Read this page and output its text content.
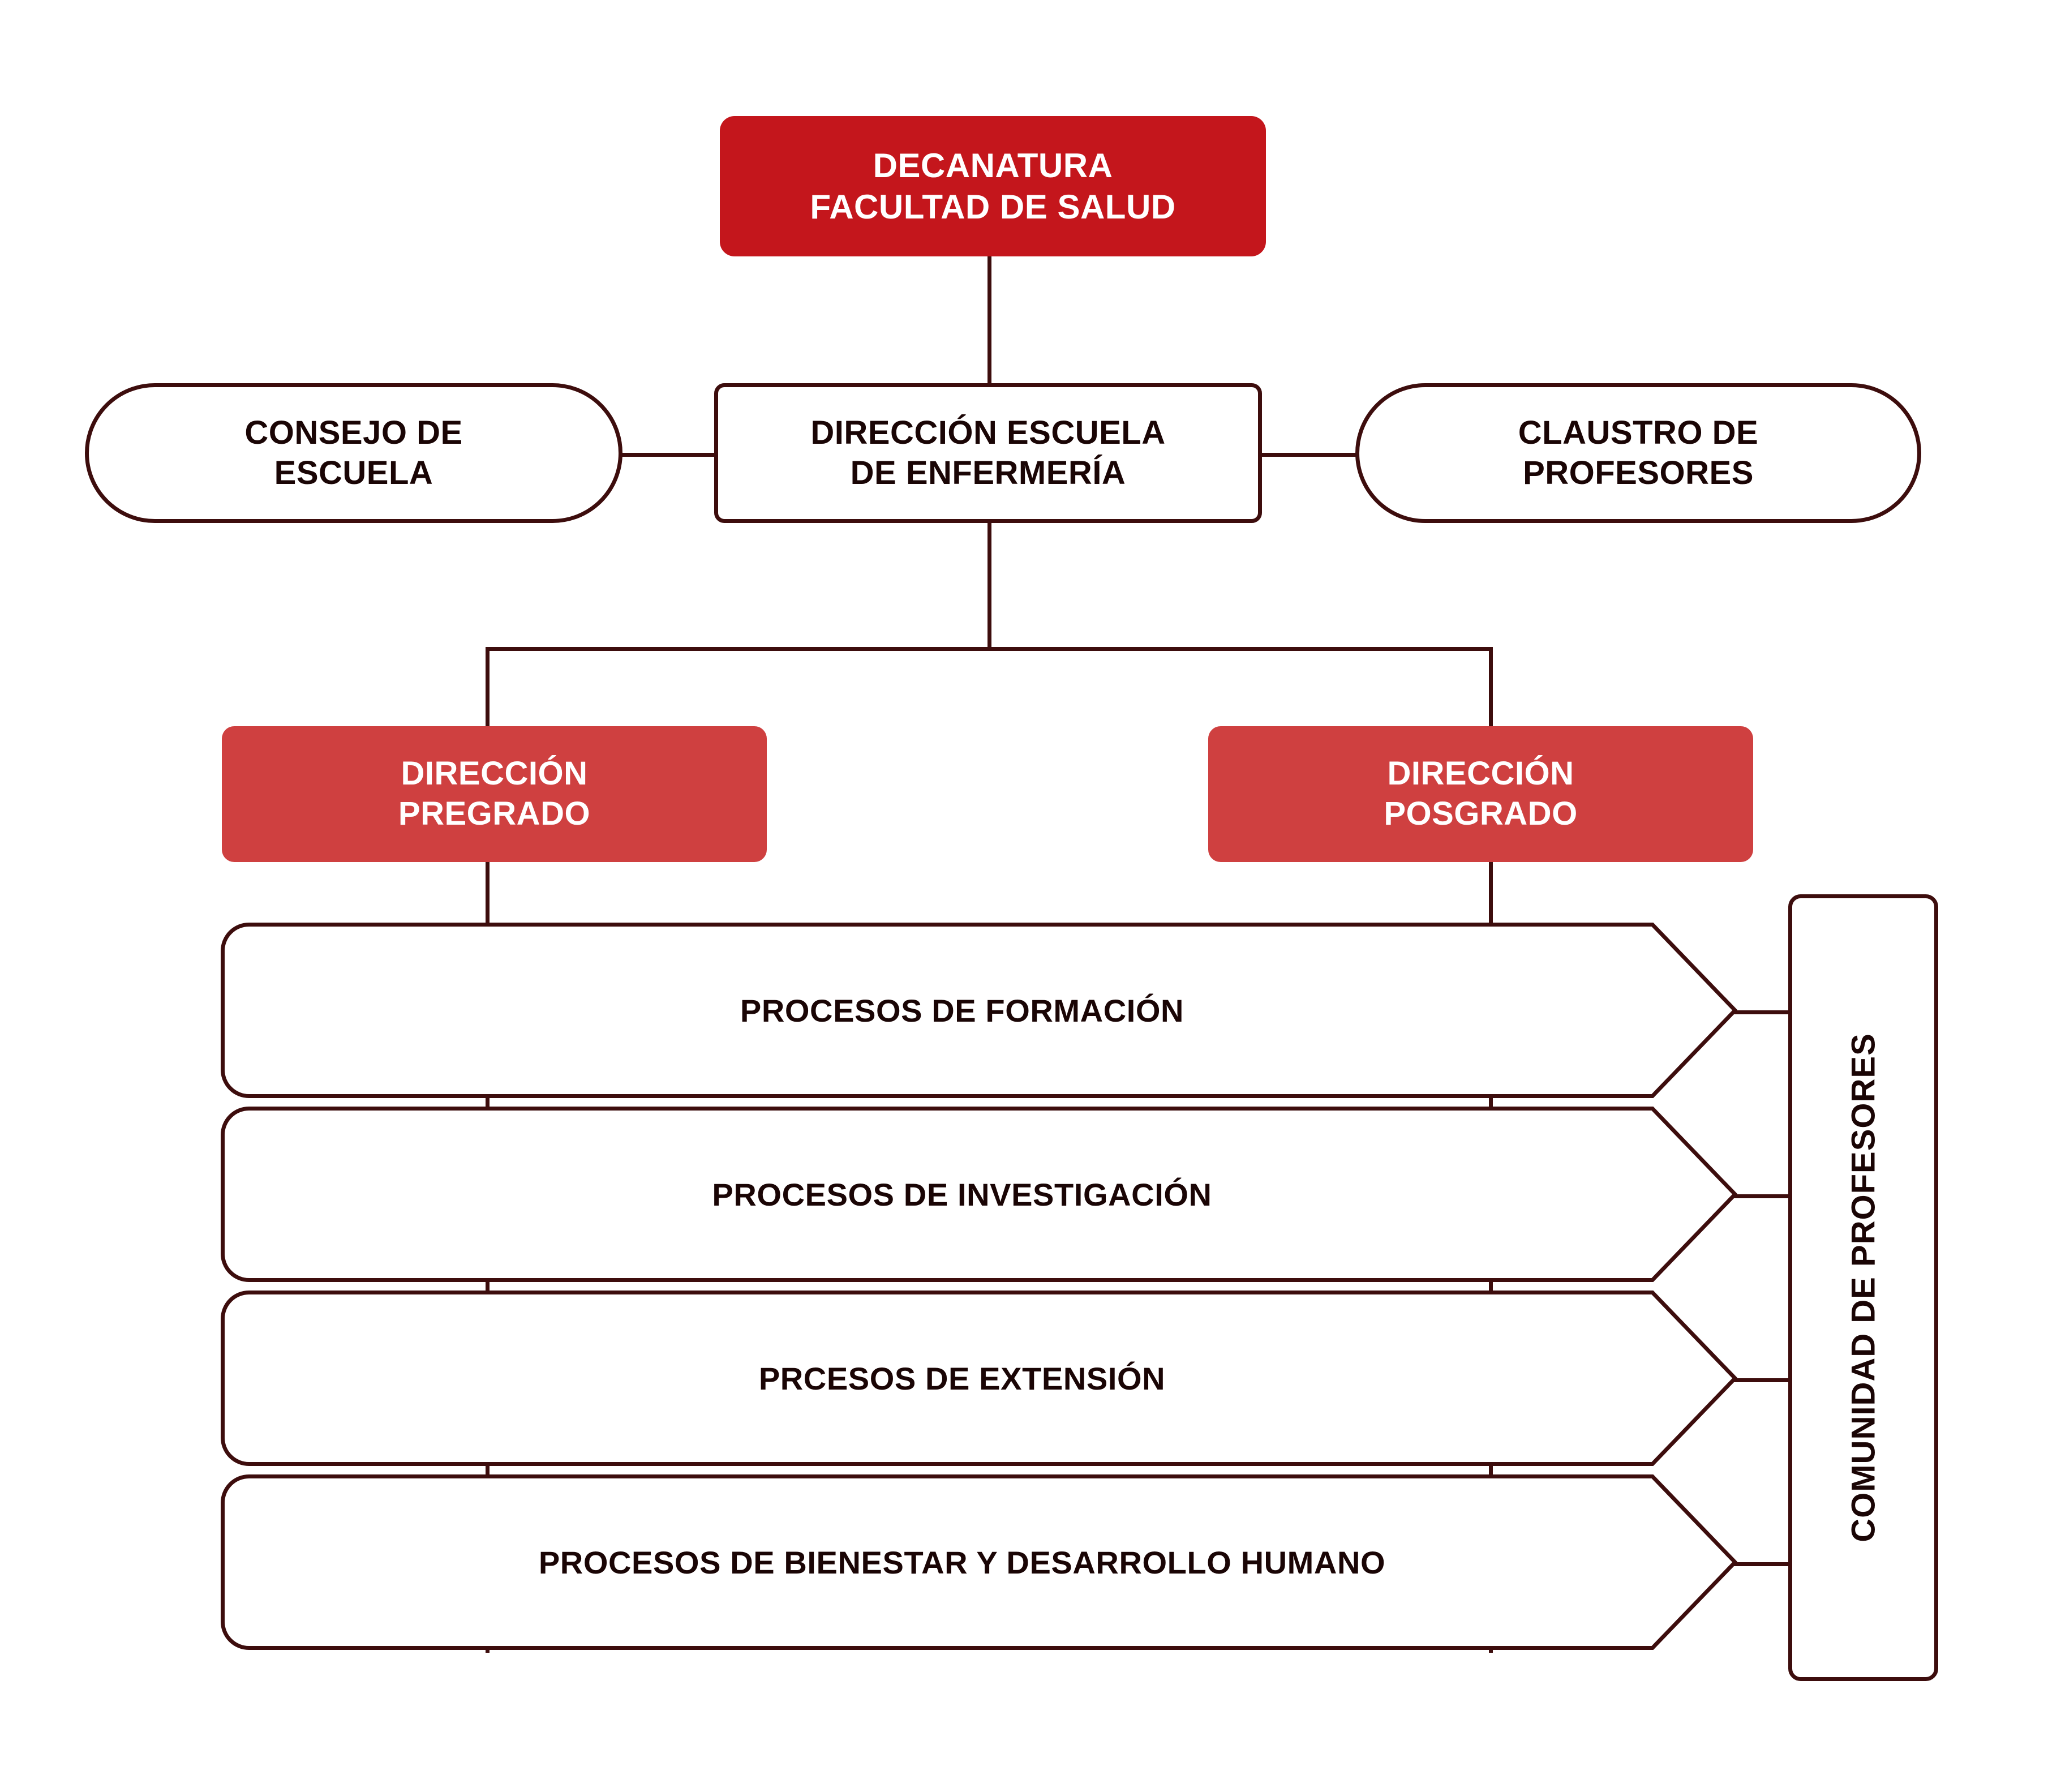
DECANATURA
FACULTAD DE SALUD
CONSEJO DE
ESCUELA
DIRECCIÓN ESCUELA
DE ENFERMERÍA
CLAUSTRO DE
PROFESORES
DIRECCIÓN
PREGRADO
DIRECCIÓN
POSGRADO
PROCESOS DE FORMACIÓN
PROCESOS DE INVESTIGACIÓN
PRCESOS DE EXTENSIÓN
PROCESOS DE BIENESTAR Y DESARROLLO HUMANO
COMUNIDAD DE PROFESORES
